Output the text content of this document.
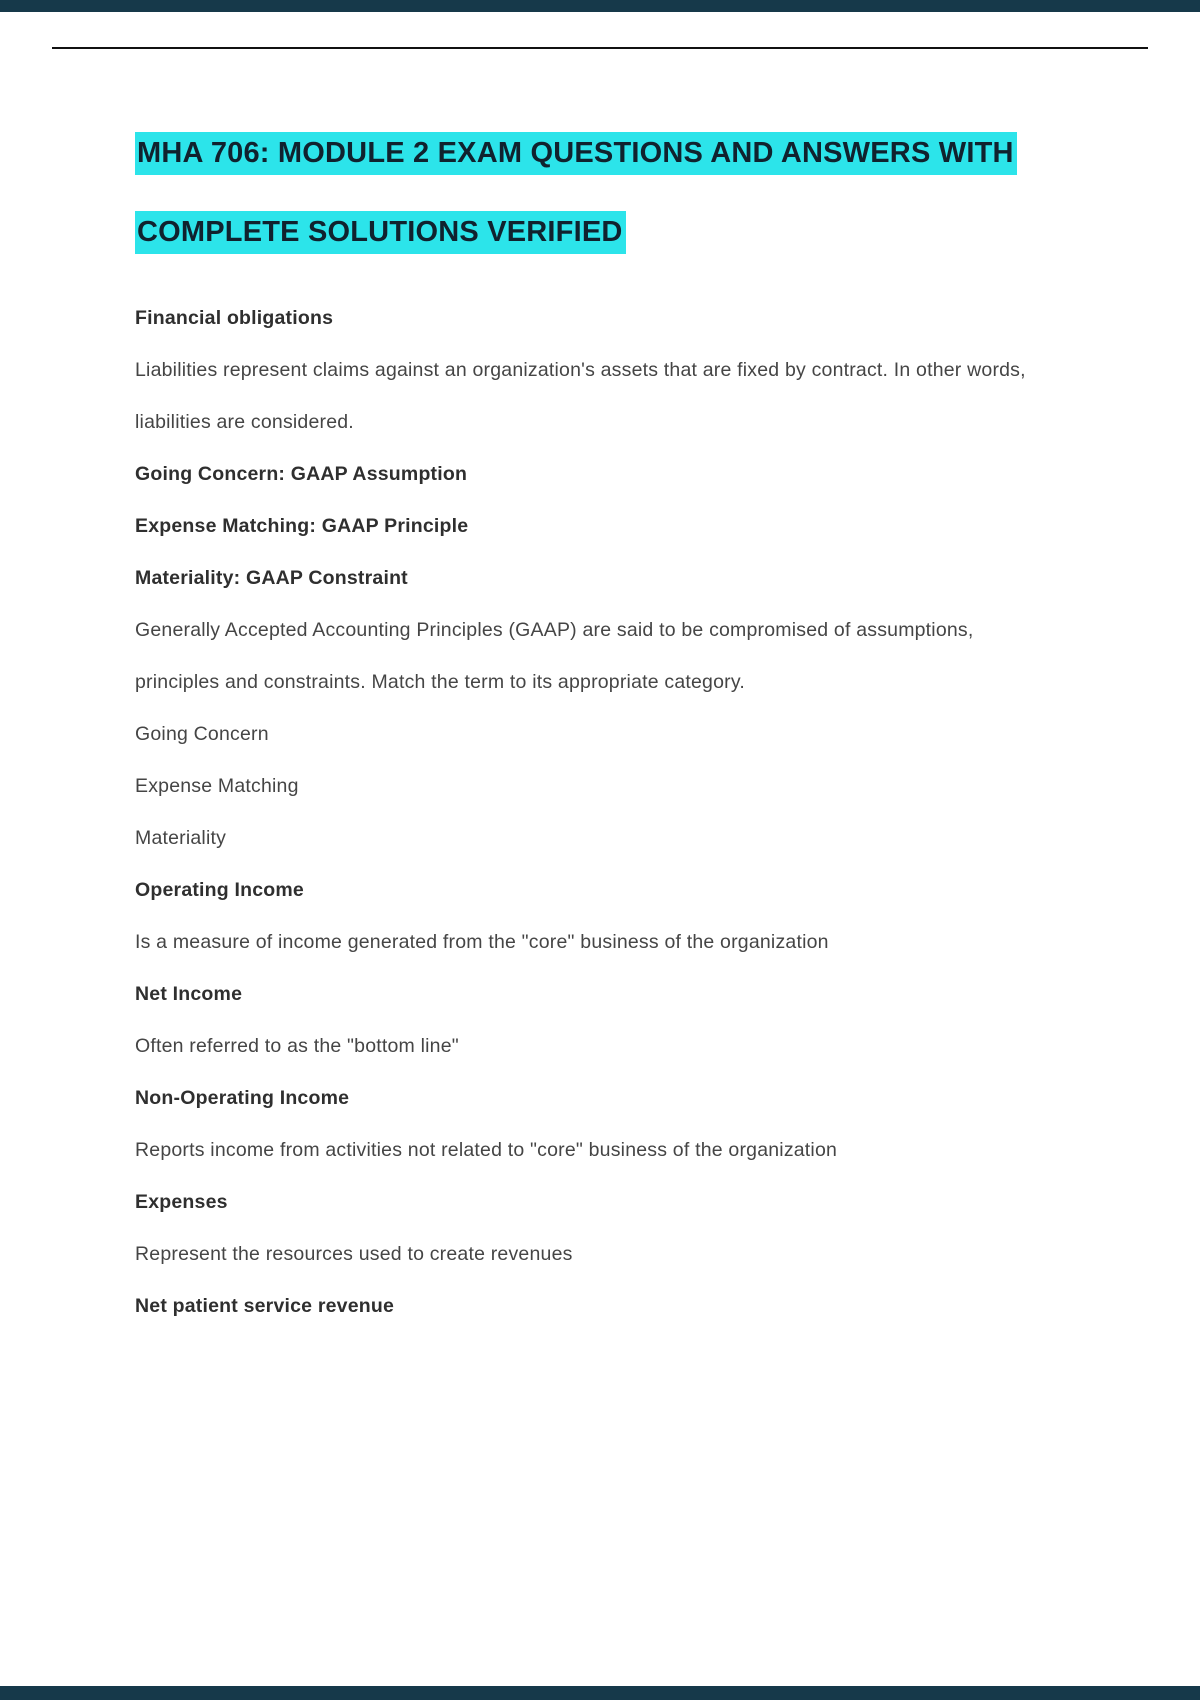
MHA 706: MODULE 2 EXAM QUESTIONS AND ANSWERS WITH
COMPLETE SOLUTIONS VERIFIED

Financial obligations

Liabilities represent claims against an organization's assets that are fixed by contract. In other words, liabilities are considered.

Going Concern: GAAP Assumption

Expense Matching: GAAP Principle

Materiality: GAAP Constraint

Generally Accepted Accounting Principles (GAAP) are said to be compromised of assumptions, principles and constraints. Match the term to its appropriate category.

Going Concern

Expense Matching

Materiality

Operating Income

Is a measure of income generated from the "core" business of the organization

Net Income

Often referred to as the "bottom line"

Non-Operating Income

Reports income from activities not related to "core" business of the organization

Expenses

Represent the resources used to create revenues

Net patient service revenue
